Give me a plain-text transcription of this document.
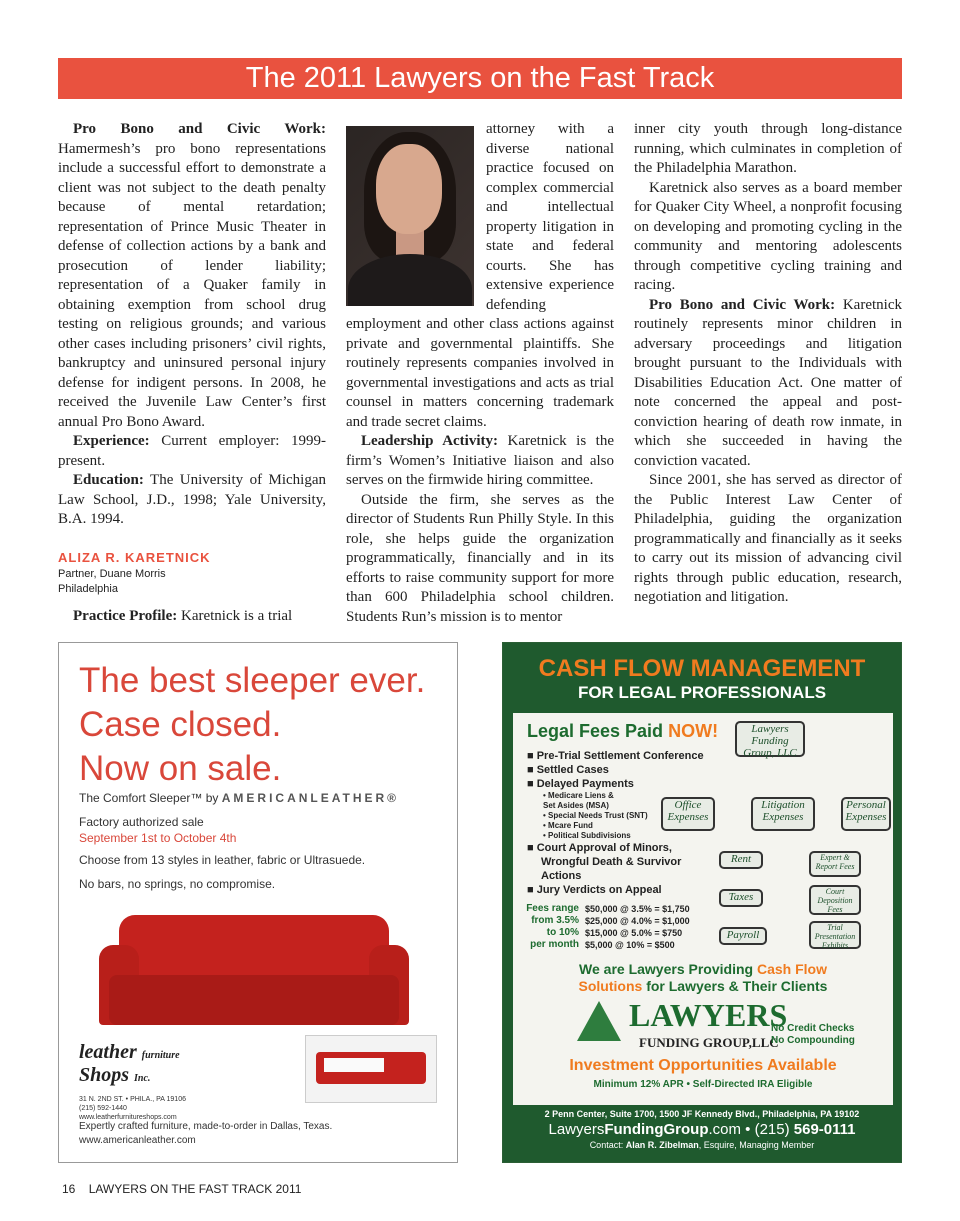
The 2011 Lawyers on the Fast Track

Pro Bono and Civic Work: Hamermesh’s pro bono representations include a successful effort to demonstrate a client was not subject to the death penalty because of mental retardation; representation of Prince Music Theater in defense of collection actions by a bank and prosecution of lender liability; representation of a Quaker family in obtaining exemption from school drug testing on religious grounds; and various other cases including prisoners’ civil rights, bankruptcy and uninsured personal injury defense for indigent persons. In 2008, he received the Juvenile Law Center’s first annual Pro Bono Award.

Experience: Current employer: 1999-present.

Education: The University of Michigan Law School, J.D., 1998; Yale University, B.A. 1994.

ALIZA R. KARETNICK
Partner, Duane Morris
Philadelphia

Practice Profile: Karetnick is a trial

attorney with a diverse national practice focused on complex commercial and intellectual property litigation in state and federal courts. She has extensive experience defending employment and other class actions against private and governmental plaintiffs. She routinely represents companies involved in governmental investigations and acts as trial counsel in matters concerning trademark and trade secret claims.

Leadership Activity: Karetnick is the firm’s Women’s Initiative liaison and also serves on the firmwide hiring committee.

Outside the firm, she serves as the director of Students Run Philly Style. In this role, she helps guide the organization programmatically, financially and in its efforts to raise community support for more than 600 Philadelphia school children. Students Run’s mission is to mentor

inner city youth through long-distance running, which culminates in completion of the Philadelphia Marathon.

Karetnick also serves as a board member for Quaker City Wheel, a nonprofit focusing on developing and promoting cycling in the community and mentoring adolescents through competitive cycling training and racing.

Pro Bono and Civic Work: Karetnick routinely represents minor children in adversary proceedings and litigation brought pursuant to the Individuals with Disabilities Education Act. One matter of note concerned the appeal and post-conviction hearing of death row inmate, in which she succeeded in having the conviction vacated.

Since 2001, she has served as director of the Public Interest Law Center of Philadelphia, guiding the organization programmatically and financially as it seeks to carry out its mission of advancing civil rights through public education, research, negotiation and litigation.

The best sleeper ever.
Case closed.
Now on sale.
The Comfort Sleeper™ by AMERICANLEATHER®
Factory authorized sale
September 1st to October 4th
Choose from 13 styles in leather, fabric or Ultrasuede.
No bars, no springs, no compromise.
leather furniture
Shops Inc.
31 N. 2ND ST. • PHILA., PA 19106
(215) 592-1440
www.leatherfurnitureshops.com
Expertly crafted furniture, made-to-order in Dallas, Texas.
www.americanleather.com
CASH FLOW MANAGEMENT
FOR LEGAL PROFESSIONALS
Legal Fees Paid NOW!
■ Pre-Trial Settlement Conference
■ Settled Cases
■ Delayed Payments
• Medicare Liens &
Set Asides (MSA)
• Special Needs Trust (SNT)
• Mcare Fund
• Political Subdivisions
■ Court Approval of Minors,
Wrongful Death & Survivor
Actions
■ Jury Verdicts on Appeal
Lawyers Funding Group, LLC
Office Expenses
Litigation Expenses
Personal Expenses
Rent
Taxes
Payroll
Expert & Report Fees
Court Deposition Fees
Trial Presentation Exhibits
Fees range
from 3.5%
to 10%
per month
$50,000 @ 3.5% = $1,750
$25,000 @ 4.0% = $1,000
$15,000 @ 5.0% = $750
$5,000 @ 10% = $500
We are Lawyers Providing Cash Flow
Solutions for Lawyers & Their Clients
LAWYERS
FUNDING GROUP,LLC
No Credit Checks
No Compounding
Investment Opportunities Available
Minimum 12% APR • Self-Directed IRA Eligible
2 Penn Center, Suite 1700, 1500 JF Kennedy Blvd., Philadelphia, PA 19102
LawyersFundingGroup.com • (215) 569-0111
Contact: Alan R. Zibelman, Esquire, Managing Member
16 LAWYERS ON THE FAST TRACK 2011
